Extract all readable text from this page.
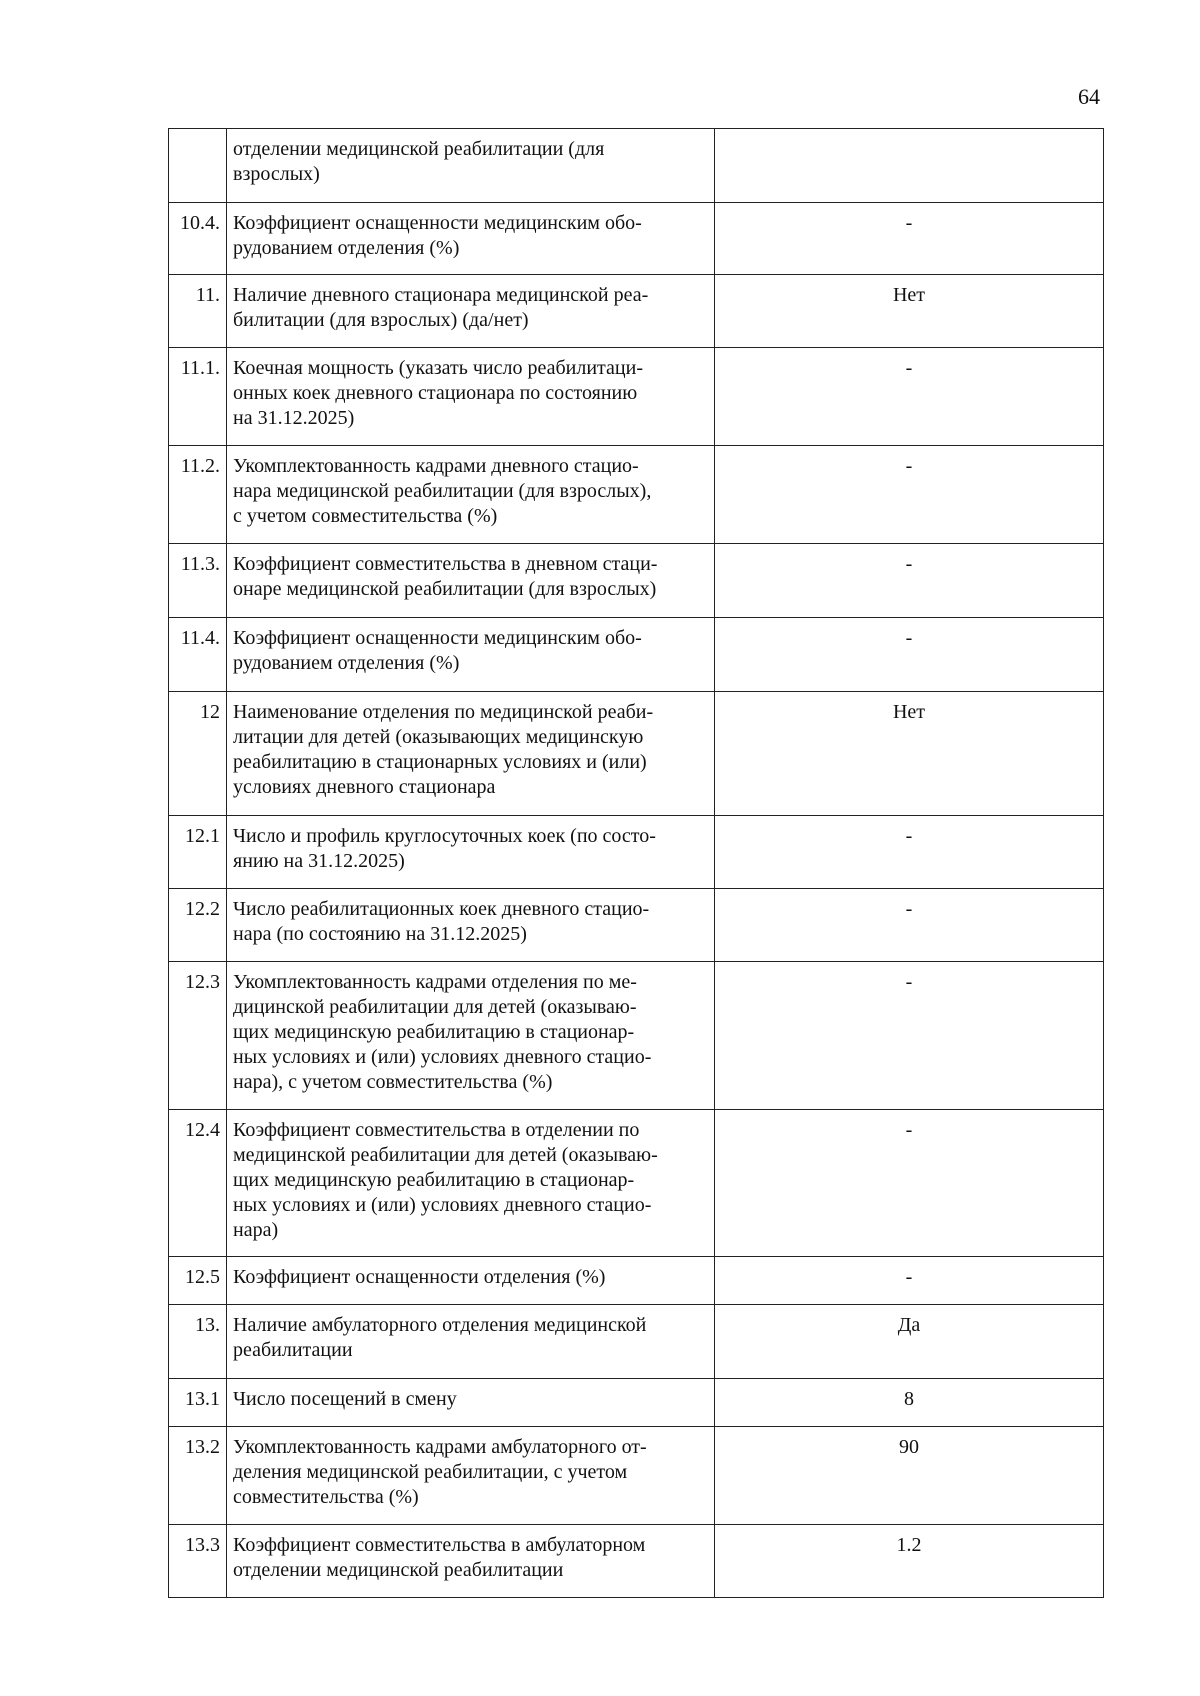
64

	отделении медицинской реабилитации (для
взрослых)	

10.4.	Коэффициент оснащенности медицинским обо-
рудованием отделения (%)	-
11.	Наличие дневного стационара медицинской реа-
билитации (для взрослых) (да/нет)	Нет
11.1.	Коечная мощность (указать число реабилитаци-
онных коек дневного стационара по состоянию
на 31.12.2025)	-
11.2.	Укомплектованность кадрами дневного стацио-
нара медицинской реабилитации (для взрослых),
с учетом совместительства (%)	-
11.3.	Коэффициент совместительства в дневном стаци-
онаре медицинской реабилитации (для взрослых)	-
11.4.	Коэффициент оснащенности медицинским обо-
рудованием отделения (%)	-
12	Наименование отделения по медицинской реаби-
литации для детей (оказывающих медицинскую
реабилитацию в стационарных условиях и (или)
условиях дневного стационара	Нет
12.1	Число и профиль круглосуточных коек (по состо-
янию на 31.12.2025)	-
12.2	Число реабилитационных коек дневного стацио-
нара (по состоянию на 31.12.2025)	-
12.3	Укомплектованность кадрами отделения по ме-
дицинской реабилитации для детей (оказываю-
щих медицинскую реабилитацию в стационар-
ных условиях и (или) условиях дневного стацио-
нара), с учетом совместительства (%)	-
12.4	Коэффициент совместительства в отделении по
медицинской реабилитации для детей (оказываю-
щих медицинскую реабилитацию в стационар-
ных условиях и (или) условиях дневного стацио-
нара)	-
12.5	Коэффициент оснащенности отделения (%)	-
13.	Наличие амбулаторного отделения медицинской
реабилитации	Да
13.1	Число посещений в смену	8
13.2	Укомплектованность кадрами амбулаторного от-
деления медицинской реабилитации, с учетом
совместительства (%)	90
13.3	Коэффициент совместительства в амбулаторном
отделении медицинской реабилитации	1.2
